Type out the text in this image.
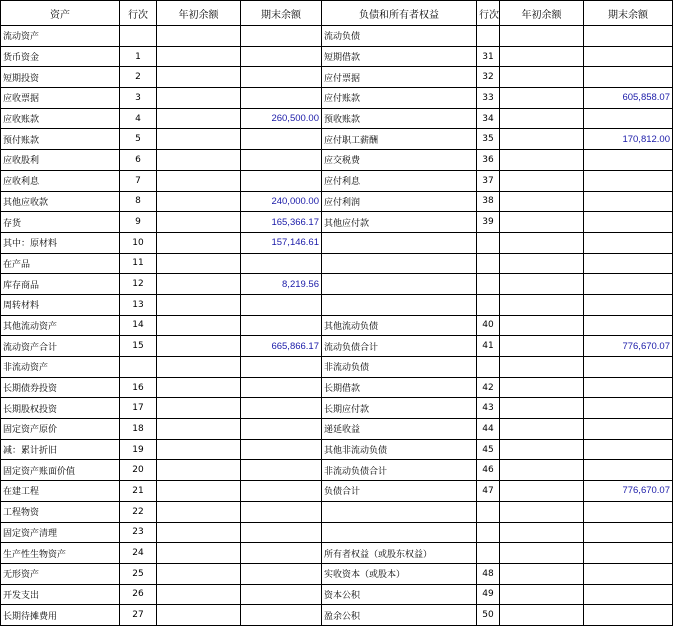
资产	行次	年初余额	期末余额	负债和所有者权益	行次	年初余额	期末余额
流动资产				流动负债			
货币资金	1			短期借款	31		
短期投资	2			应付票据	32		
应收票据	3			应付账款	33		605,858.07
应收账款	4		260,500.00	预收账款	34		
预付账款	5			应付职工薪酬	35		170,812.00
应收股利	6			应交税费	36		
应收利息	7			应付利息	37		
其他应收款	8		240,000.00	应付利润	38		
存货	9		165,366.17	其他应付款	39		
其中：原材料	10		157,146.61				
在产品	11						
库存商品	12		8,219.56				
周转材料	13						
其他流动资产	14			其他流动负债	40		
流动资产合计	15		665,866.17	流动负债合计	41		776,670.07
非流动资产				非流动负债			
长期债券投资	16			长期借款	42		
长期股权投资	17			长期应付款	43		
固定资产原价	18			递延收益	44		
减：累计折旧	19			其他非流动负债	45		
固定资产账面价值	20			非流动负债合计	46		
在建工程	21			负债合计	47		776,670.07
工程物资	22						
固定资产清理	23						
生产性生物资产	24			所有者权益（或股东权益）			
无形资产	25			实收资本（或股本）	48		
开发支出	26			资本公积	49		
长期待摊费用	27			盈余公积	50		
